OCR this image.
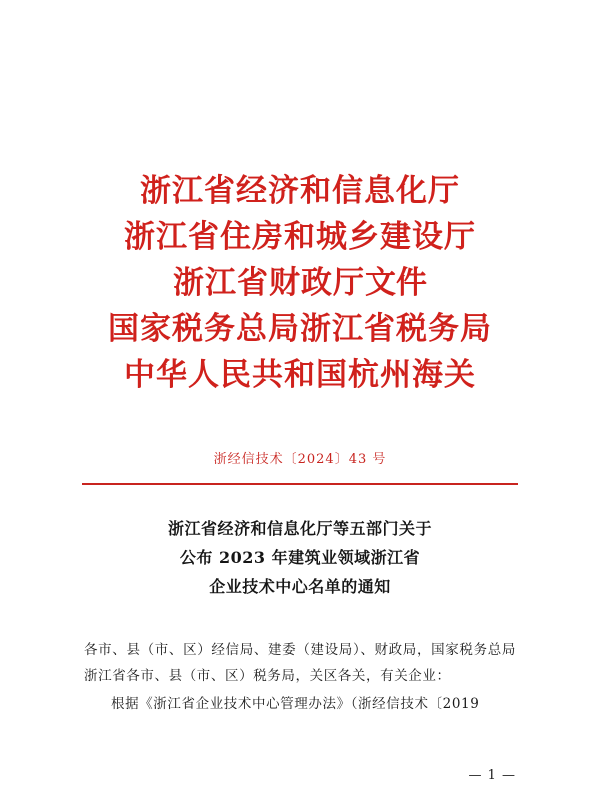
浙江省经济和信息化厅
浙江省住房和城乡建设厅
浙江省财政厅文件
国家税务总局浙江省税务局
中华人民共和国杭州海关
浙经信技术〔2024〕43 号
浙江省经济和信息化厅等五部门关于
公布 2023 年建筑业领域浙江省
企业技术中心名单的通知

各市、县（市、区）经信局、建委（建设局）、财政局，国家税务总局浙江省各市、县（市、区）税务局，关区各关，有关企业：

根据《浙江省企业技术中心管理办法》（浙经信技术〔2019

— 1 —
